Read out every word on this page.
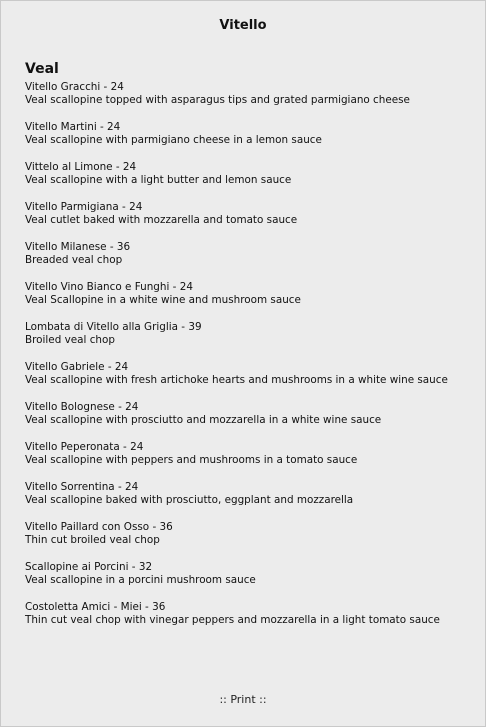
Vitello
Veal
Vitello Gracchi - 24
Veal scallopine topped with asparagus tips and grated parmigiano cheese
Vitello Martini - 24
Veal scallopine with parmigiano cheese in a lemon sauce
Vittelo al Limone - 24
Veal scallopine with a light butter and lemon sauce
Vitello Parmigiana - 24
Veal cutlet baked with mozzarella and tomato sauce
Vitello Milanese - 36
Breaded veal chop
Vitello Vino Bianco e Funghi - 24
Veal Scallopine in a white wine and mushroom sauce
Lombata di Vitello alla Griglia - 39
Broiled veal chop
Vitello Gabriele - 24
Veal scallopine with fresh artichoke hearts and mushrooms in a white wine sauce
Vitello Bolognese - 24
Veal scallopine with prosciutto and mozzarella in a white wine sauce
Vitello Peperonata - 24
Veal scallopine with peppers and mushrooms in a tomato sauce
Vitello Sorrentina - 24
Veal scallopine baked with prosciutto, eggplant and mozzarella
Vitello Paillard con Osso - 36
Thin cut broiled veal chop
Scallopine ai Porcini - 32
Veal scallopine in a porcini mushroom sauce
Costoletta Amici - Miei - 36
Thin cut veal chop with vinegar peppers and mozzarella in a light tomato sauce
:: Print ::
